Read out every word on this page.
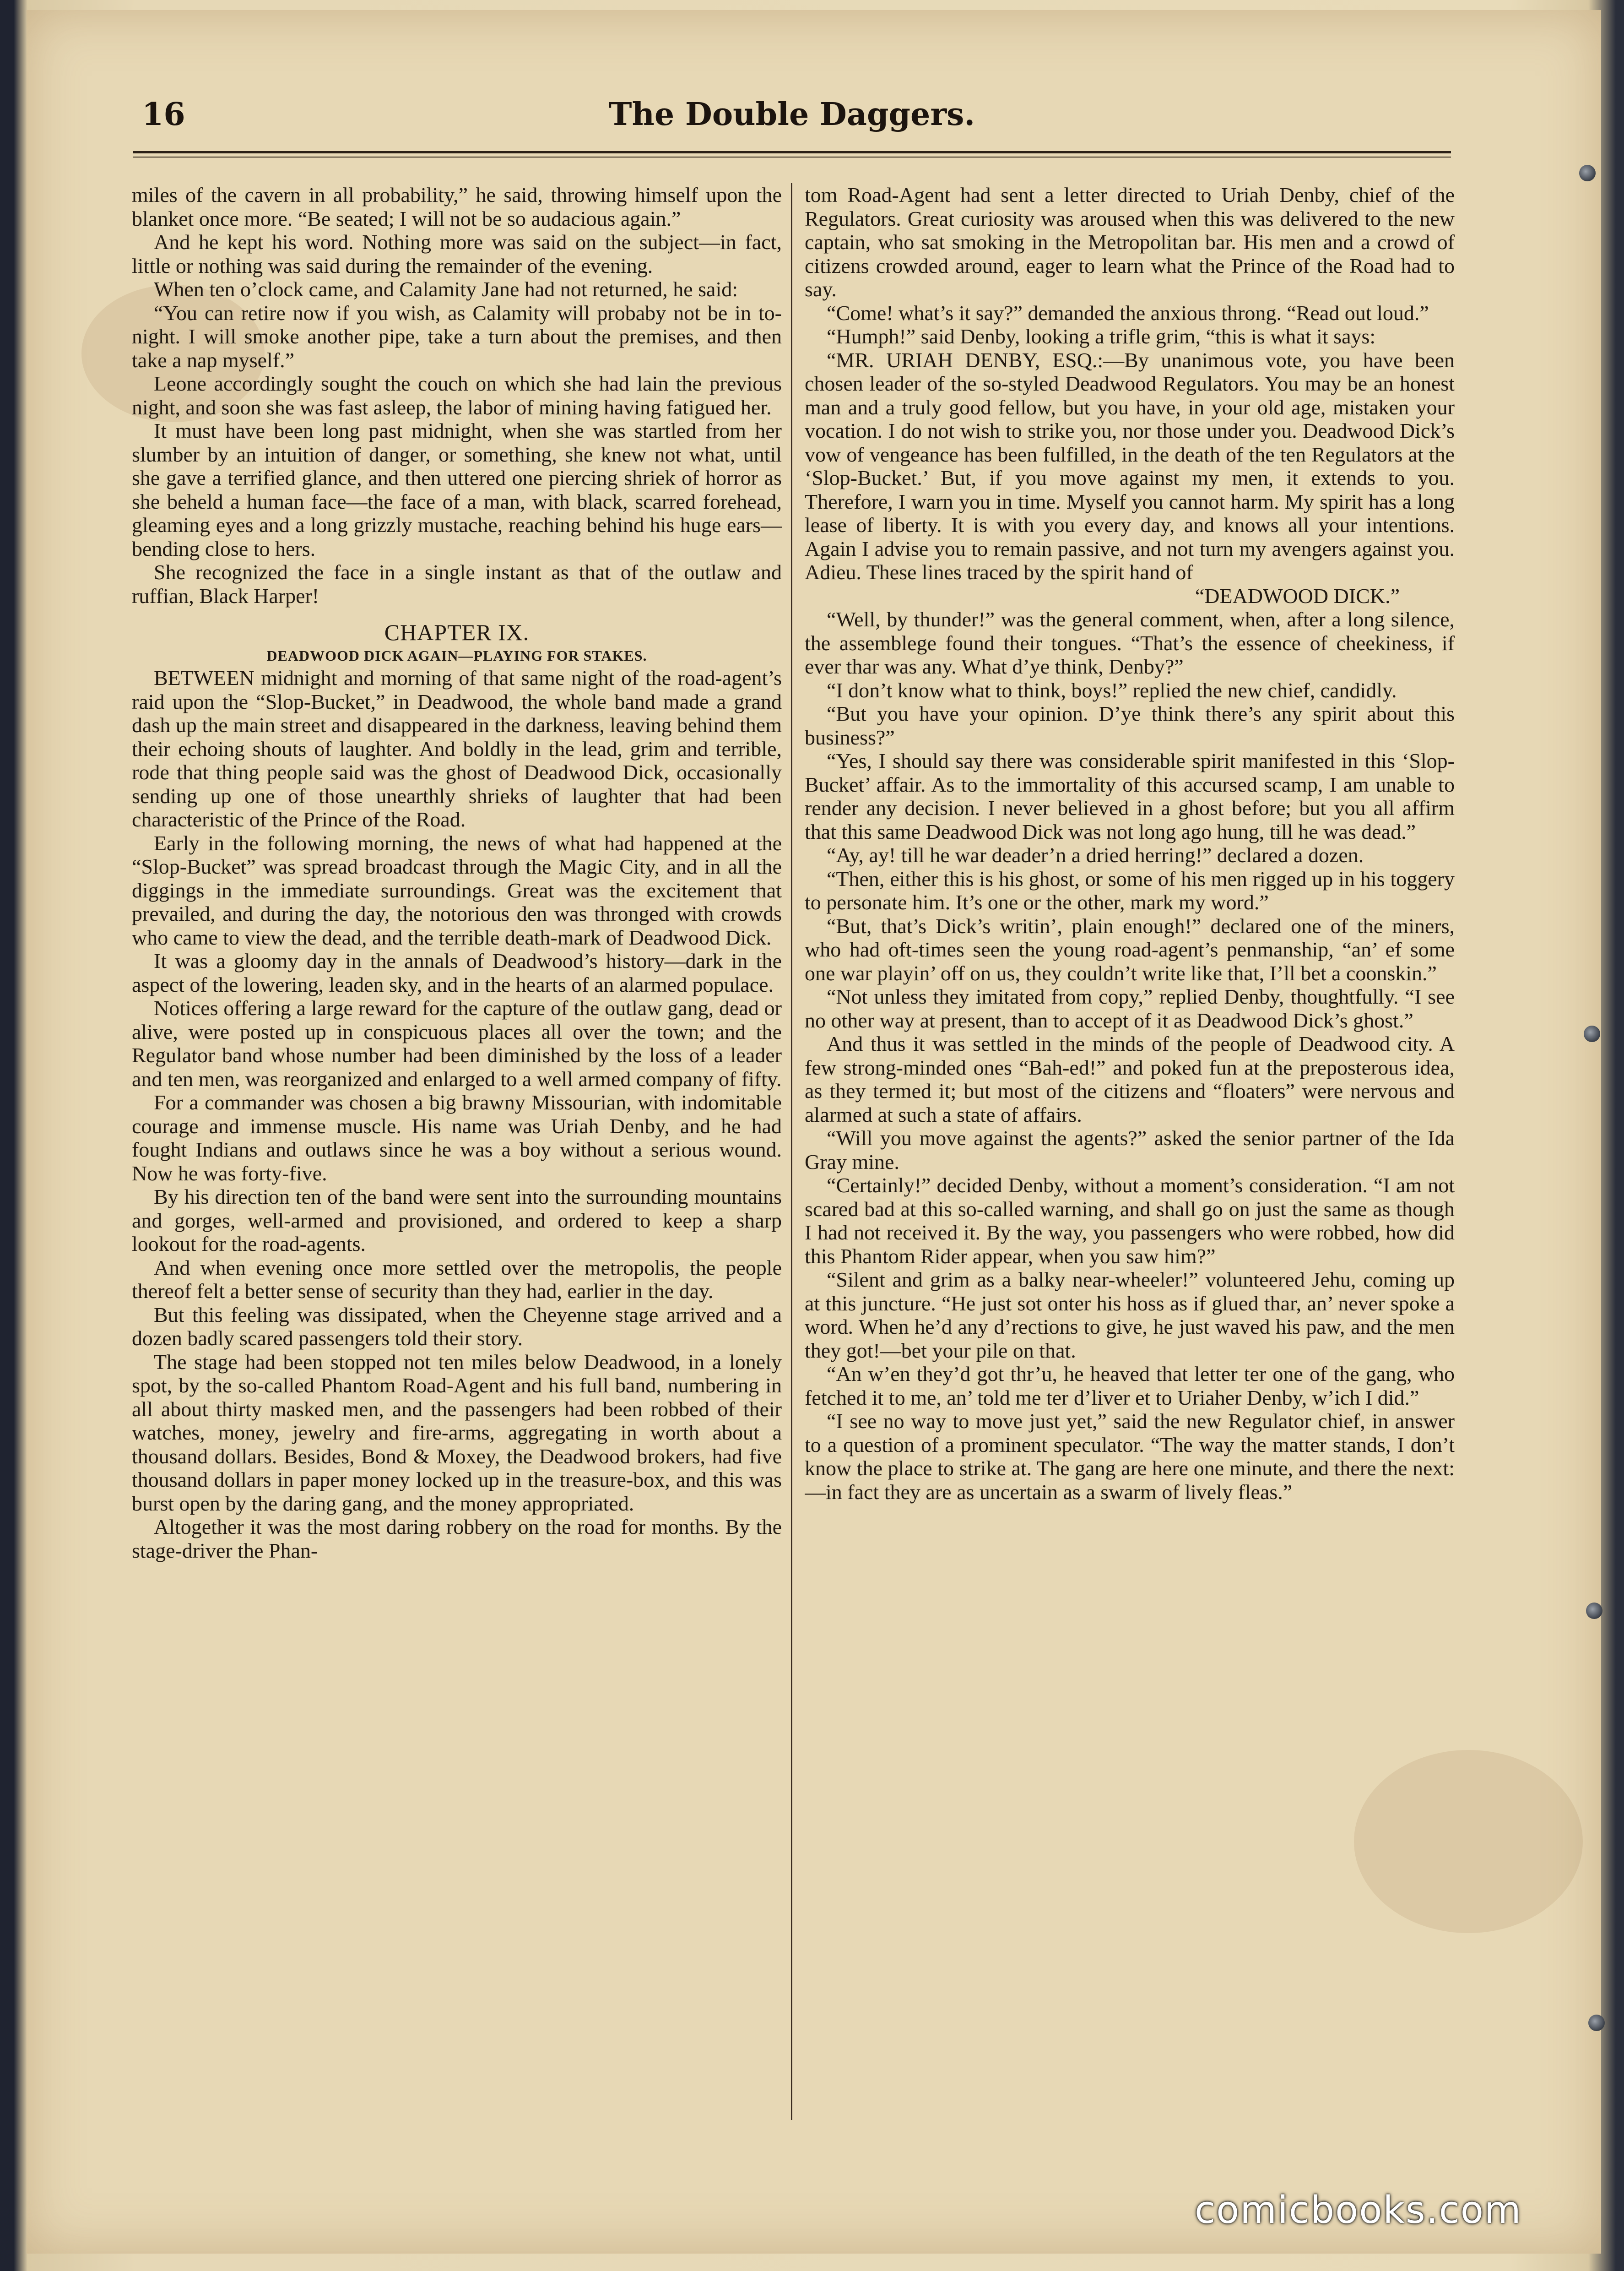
16	The Double Daggers.

miles of the cavern in all probability,” he said, throwing himself upon the blanket once more. “Be seated; I will not be so audacious again.”

And he kept his word. Nothing more was said on the subject—in fact, little or nothing was said during the remainder of the evening.

When ten o’clock came, and Calamity Jane had not returned, he said:

“You can retire now if you wish, as Calamity will probaby not be in to-night. I will smoke another pipe, take a turn about the premises, and then take a nap myself.”

Leone accordingly sought the couch on which she had lain the previous night, and soon she was fast asleep, the labor of mining having fatigued her.

It must have been long past midnight, when she was startled from her slumber by an intuition of danger, or something, she knew not what, until she gave a terrified glance, and then uttered one piercing shriek of horror as she beheld a human face—the face of a man, with black, scarred forehead, gleaming eyes and a long grizzly mustache, reaching behind his huge ears—bending close to hers.

She recognized the face in a single instant as that of the outlaw and ruffian, Black Harper!

CHAPTER IX.

DEADWOOD DICK AGAIN—PLAYING FOR STAKES.

BETWEEN midnight and morning of that same night of the road-agent’s raid upon the “Slop-Bucket,” in Deadwood, the whole band made a grand dash up the main street and disappeared in the darkness, leaving behind them their echoing shouts of laughter. And boldly in the lead, grim and terrible, rode that thing people said was the ghost of Deadwood Dick, occasionally sending up one of those unearthly shrieks of laughter that had been characteristic of the Prince of the Road.

Early in the following morning, the news of what had happened at the “Slop-Bucket” was spread broadcast through the Magic City, and in all the diggings in the immediate surroundings. Great was the excitement that prevailed, and during the day, the notorious den was thronged with crowds who came to view the dead, and the terrible death-mark of Deadwood Dick.

It was a gloomy day in the annals of Deadwood’s history—dark in the aspect of the lowering, leaden sky, and in the hearts of an alarmed populace.

Notices offering a large reward for the capture of the outlaw gang, dead or alive, were posted up in conspicuous places all over the town; and the Regulator band whose number had been diminished by the loss of a leader and ten men, was reorganized and enlarged to a well armed company of fifty.

For a commander was chosen a big brawny Missourian, with indomitable courage and immense muscle. His name was Uriah Denby, and he had fought Indians and outlaws since he was a boy without a serious wound. Now he was forty-five.

By his direction ten of the band were sent into the surrounding mountains and gorges, well-armed and provisioned, and ordered to keep a sharp lookout for the road-agents.

And when evening once more settled over the metropolis, the people thereof felt a better sense of security than they had, earlier in the day.

But this feeling was dissipated, when the Cheyenne stage arrived and a dozen badly scared passengers told their story.

The stage had been stopped not ten miles below Deadwood, in a lonely spot, by the so-called Phantom Road-Agent and his full band, numbering in all about thirty masked men, and the passengers had been robbed of their watches, money, jewelry and fire-arms, aggregating in worth about a thousand dollars. Besides, Bond & Moxey, the Deadwood brokers, had five thousand dollars in paper money locked up in the treasure-box, and this was burst open by the daring gang, and the money appropriated.

Altogether it was the most daring robbery on the road for months. By the stage-driver the Phan-

tom Road-Agent had sent a letter directed to Uriah Denby, chief of the Regulators. Great curiosity was aroused when this was delivered to the new captain, who sat smoking in the Metropolitan bar. His men and a crowd of citizens crowded around, eager to learn what the Prince of the Road had to say.

“Come! what’s it say?” demanded the anxious throng. “Read out loud.”

“Humph!” said Denby, looking a trifle grim, “this is what it says:

“MR. URIAH DENBY, ESQ.:—By unanimous vote, you have been chosen leader of the so-styled Deadwood Regulators. You may be an honest man and a truly good fellow, but you have, in your old age, mistaken your vocation. I do not wish to strike you, nor those under you. Deadwood Dick’s vow of vengeance has been fulfilled, in the death of the ten Regulators at the ‘Slop-Bucket.’ But, if you move against my men, it extends to you. Therefore, I warn you in time. Myself you cannot harm. My spirit has a long lease of liberty. It is with you every day, and knows all your intentions. Again I advise you to remain passive, and not turn my avengers against you. Adieu. These lines traced by the spirit hand of

“DEADWOOD DICK.”

“Well, by thunder!” was the general comment, when, after a long silence, the assemblege found their tongues. “That’s the essence of cheekiness, if ever thar was any. What d’ye think, Denby?”

“I don’t know what to think, boys!” replied the new chief, candidly.

“But you have your opinion. D’ye think there’s any spirit about this business?”

“Yes, I should say there was considerable spirit manifested in this ‘Slop-Bucket’ affair. As to the immortality of this accursed scamp, I am unable to render any decision. I never believed in a ghost before; but you all affirm that this same Deadwood Dick was not long ago hung, till he was dead.”

“Ay, ay! till he war deader’n a dried herring!” declared a dozen.

“Then, either this is his ghost, or some of his men rigged up in his toggery to personate him. It’s one or the other, mark my word.”

“But, that’s Dick’s writin’, plain enough!” declared one of the miners, who had oft-times seen the young road-agent’s penmanship, “an’ ef some one war playin’ off on us, they couldn’t write like that, I’ll bet a coonskin.”

“Not unless they imitated from copy,” replied Denby, thoughtfully. “I see no other way at present, than to accept of it as Deadwood Dick’s ghost.”

And thus it was settled in the minds of the people of Deadwood city. A few strong-minded ones “Bah-ed!” and poked fun at the preposterous idea, as they termed it; but most of the citizens and “floaters” were nervous and alarmed at such a state of affairs.

“Will you move against the agents?” asked the senior partner of the Ida Gray mine.

“Certainly!” decided Denby, without a moment’s consideration. “I am not scared bad at this so-called warning, and shall go on just the same as though I had not received it. By the way, you passengers who were robbed, how did this Phantom Rider appear, when you saw him?”

“Silent and grim as a balky near-wheeler!” volunteered Jehu, coming up at this juncture. “He just sot onter his hoss as if glued thar, an’ never spoke a word. When he’d any d’rections to give, he just waved his paw, and the men they got!—bet your pile on that.

“An w’en they’d got thr’u, he heaved that letter ter one of the gang, who fetched it to me, an’ told me ter d’liver et to Uriaher Denby, w’ich I did.”

“I see no way to move just yet,” said the new Regulator chief, in answer to a question of a prominent speculator. “The way the matter stands, I don’t know the place to strike at. The gang are here one minute, and there the next:—in fact they are as uncertain as a swarm of lively fleas.”

comicbooks.com
